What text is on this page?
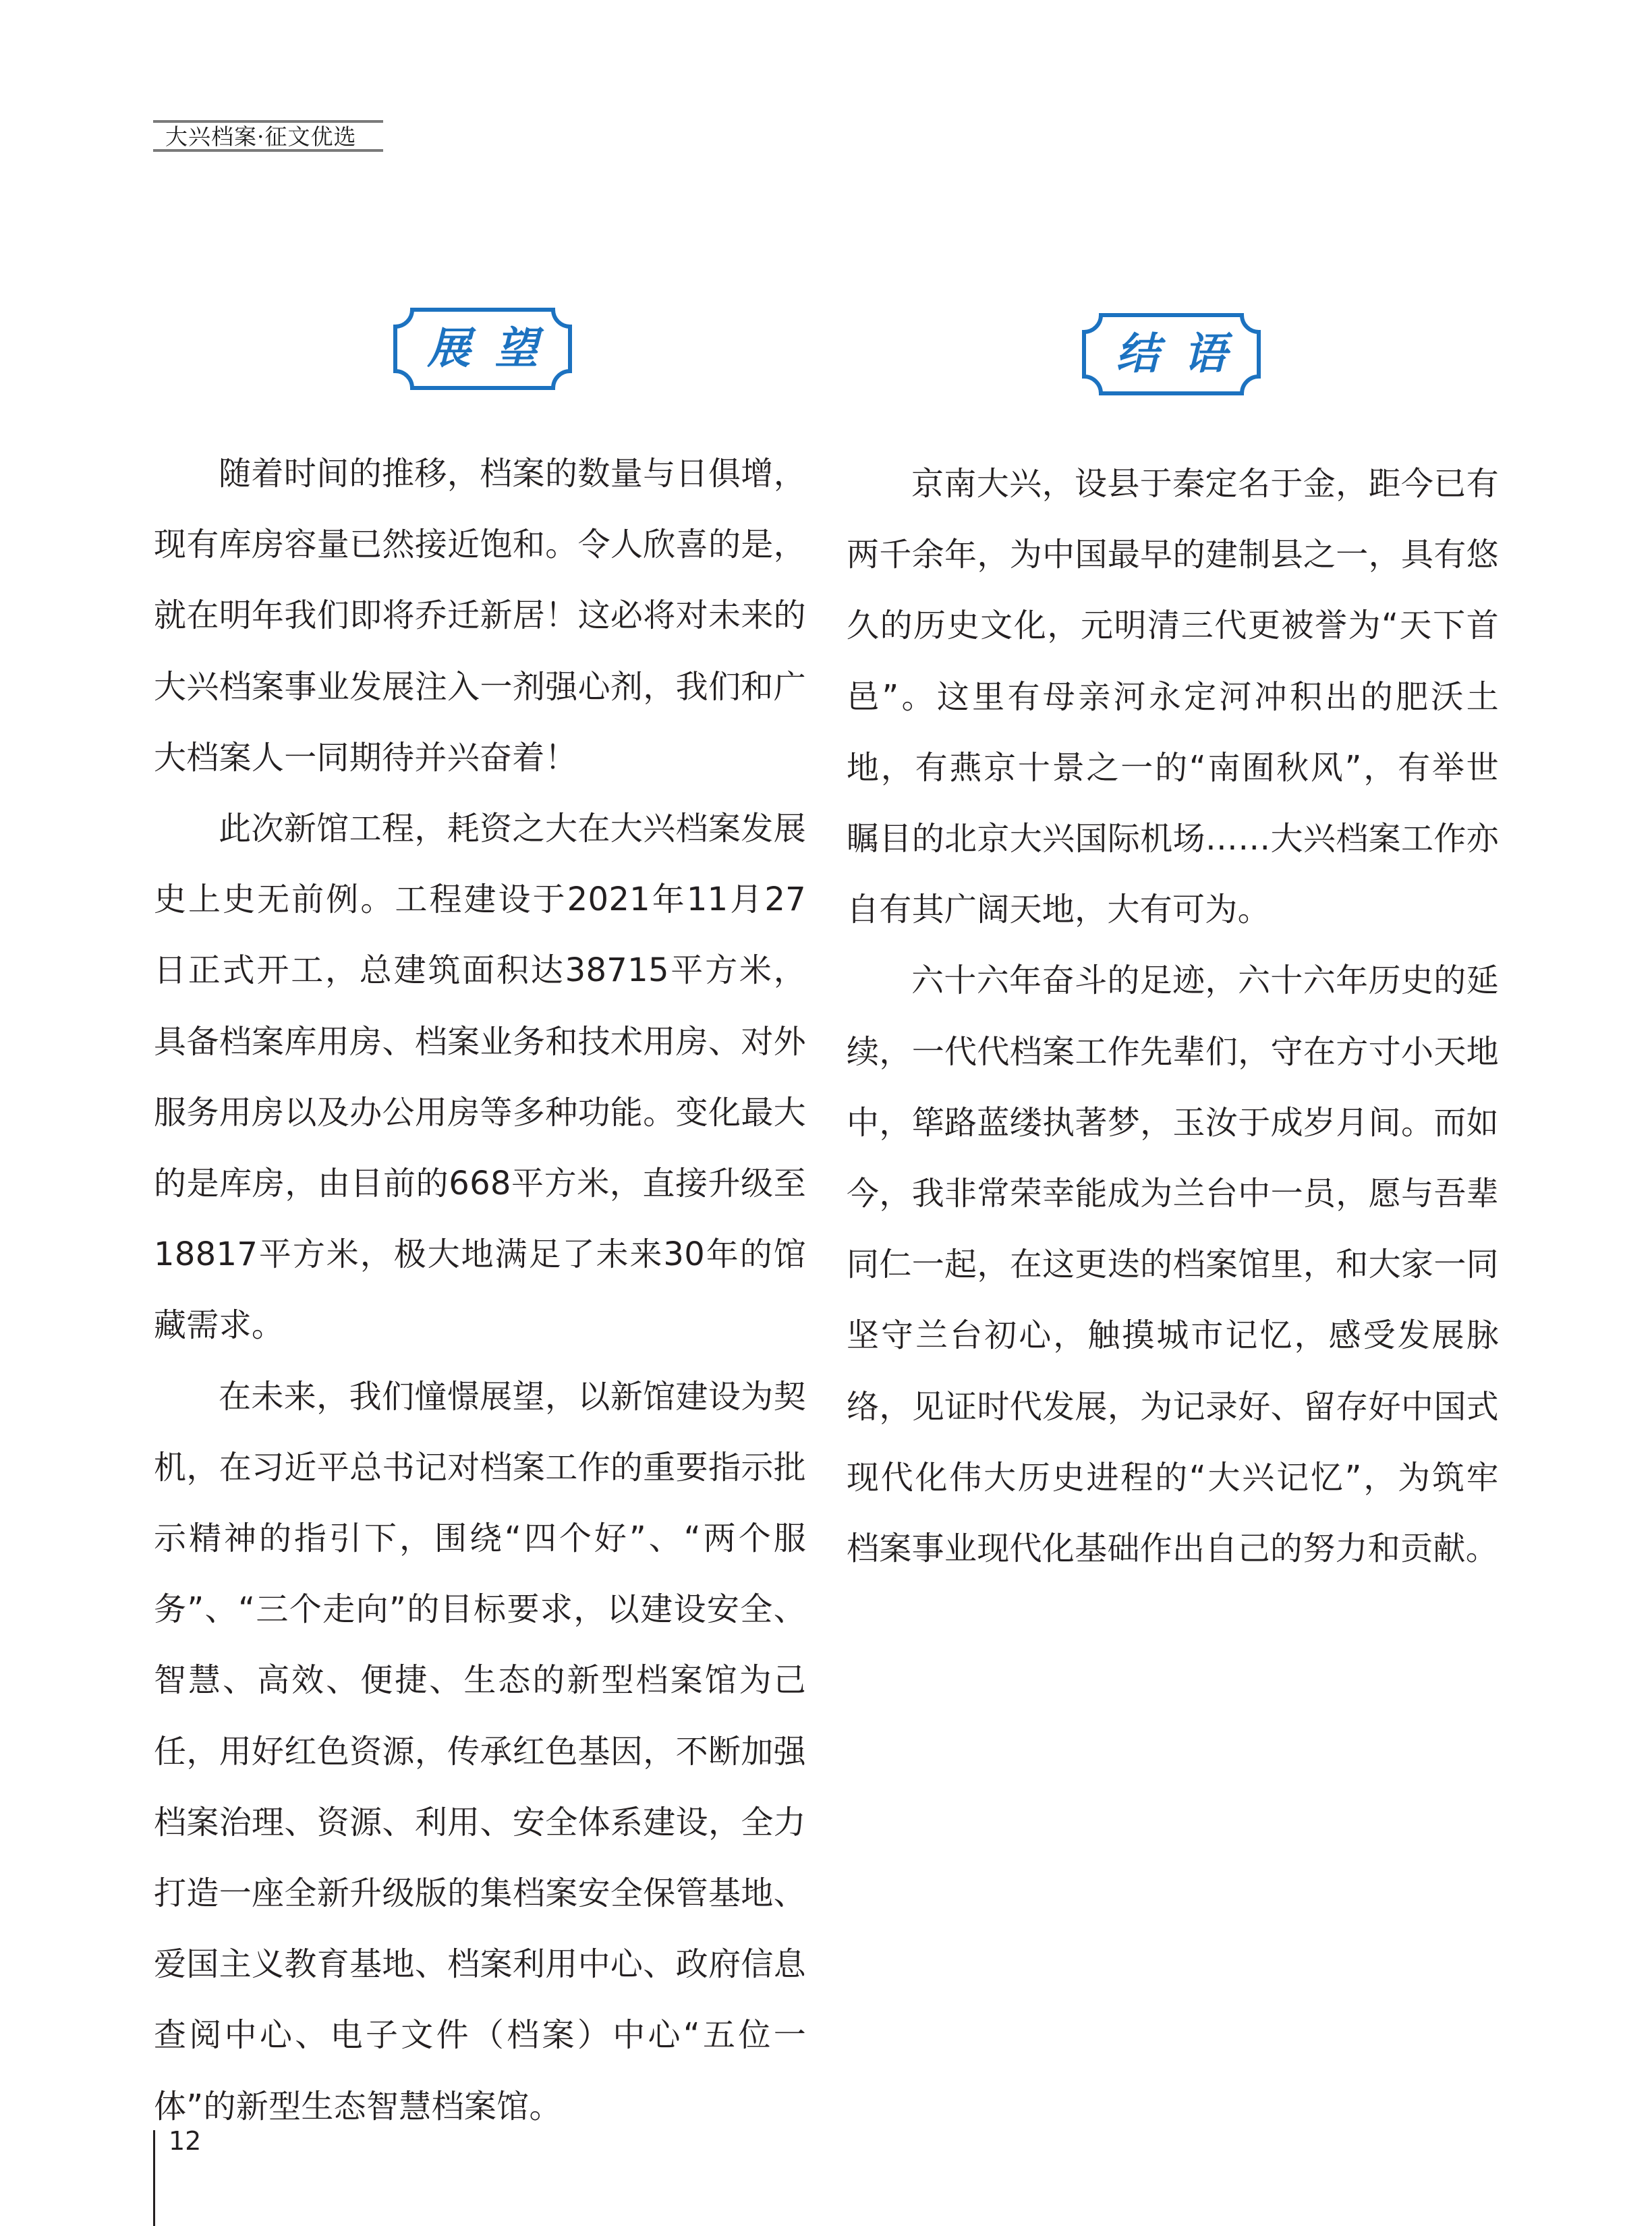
大兴档案·征文优选
展望	结语

随着时间的推移，档案的数量与日俱增，现有库房容量已然接近饱和。令人欣喜的是，就在明年我们即将乔迁新居！这必将对未来的大兴档案事业发展注入一剂强心剂，我们和广大档案人一同期待并兴奋着！

此次新馆工程，耗资之大在大兴档案发展史上史无前例。工程建设于2021年11月27日正式开工，总建筑面积达38715平方米，具备档案库用房、档案业务和技术用房、对外服务用房以及办公用房等多种功能。变化最大的是库房，由目前的668平方米，直接升级至18817平方米，极大地满足了未来30年的馆藏需求。

在未来，我们憧憬展望，以新馆建设为契机，在习近平总书记对档案工作的重要指示批示精神的指引下，围绕“四个好”、“两个服务”、“三个走向”的目标要求，以建设安全、智慧、高效、便捷、生态的新型档案馆为己任，用好红色资源，传承红色基因，不断加强档案治理、资源、利用、安全体系建设，全力打造一座全新升级版的集档案安全保管基地、爱国主义教育基地、档案利用中心、政府信息查阅中心、电子文件（档案）中心“五位一体”的新型生态智慧档案馆。

京南大兴，设县于秦定名于金，距今已有两千余年，为中国最早的建制县之一，具有悠久的历史文化，元明清三代更被誉为“天下首邑”。这里有母亲河永定河冲积出的肥沃土地，有燕京十景之一的“南囿秋风”，有举世瞩目的北京大兴国际机场……大兴档案工作亦自有其广阔天地，大有可为。

六十六年奋斗的足迹，六十六年历史的延续，一代代档案工作先辈们，守在方寸小天地中，筚路蓝缕执著梦，玉汝于成岁月间。而如今，我非常荣幸能成为兰台中一员，愿与吾辈同仁一起，在这更迭的档案馆里，和大家一同坚守兰台初心，触摸城市记忆，感受发展脉络，见证时代发展，为记录好、留存好中国式现代化伟大历史进程的“大兴记忆”，为筑牢档案事业现代化基础作出自己的努力和贡献。

12
